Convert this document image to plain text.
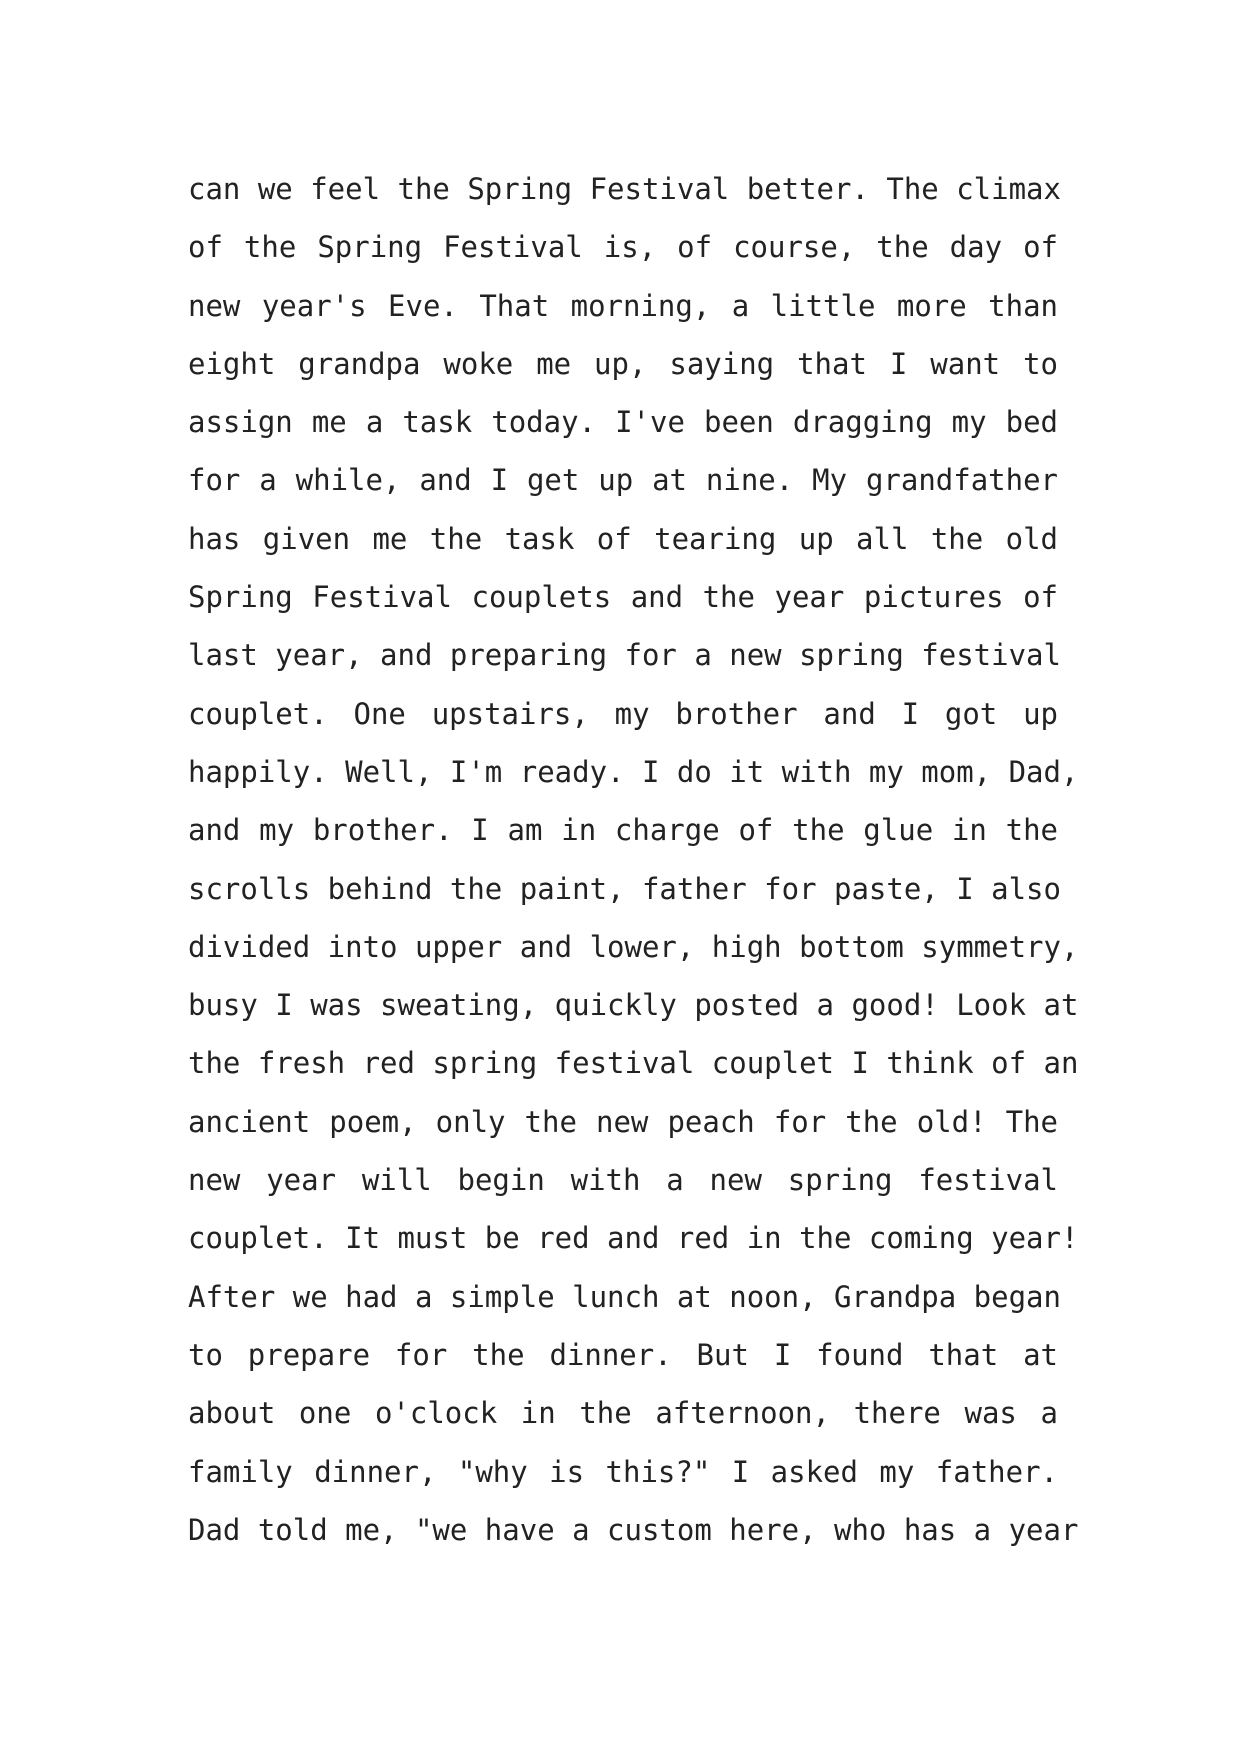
can we feel the Spring Festival better. The climax
of the Spring Festival is, of course, the day of
new year's Eve. That morning, a little more than
eight grandpa woke me up, saying that I want to
assign me a task today. I've been dragging my bed
for a while, and I get up at nine. My grandfather
has given me the task of tearing up all the old
Spring Festival couplets and the year pictures of
last year, and preparing for a new spring festival
couplet. One upstairs, my brother and I got up
happily. Well, I'm ready. I do it with my mom, Dad,
and my brother. I am in charge of the glue in the
scrolls behind the paint, father for paste, I also
divided into upper and lower, high bottom symmetry,
busy I was sweating, quickly posted a good! Look at
the fresh red spring festival couplet I think of an
ancient poem, only the new peach for the old! The
new year will begin with a new spring festival
couplet. It must be red and red in the coming year!
After we had a simple lunch at noon, Grandpa began
to prepare for the dinner. But I found that at
about one o'clock in the afternoon, there was a
family dinner, "why is this?" I asked my father.
Dad told me, "we have a custom here, who has a year
